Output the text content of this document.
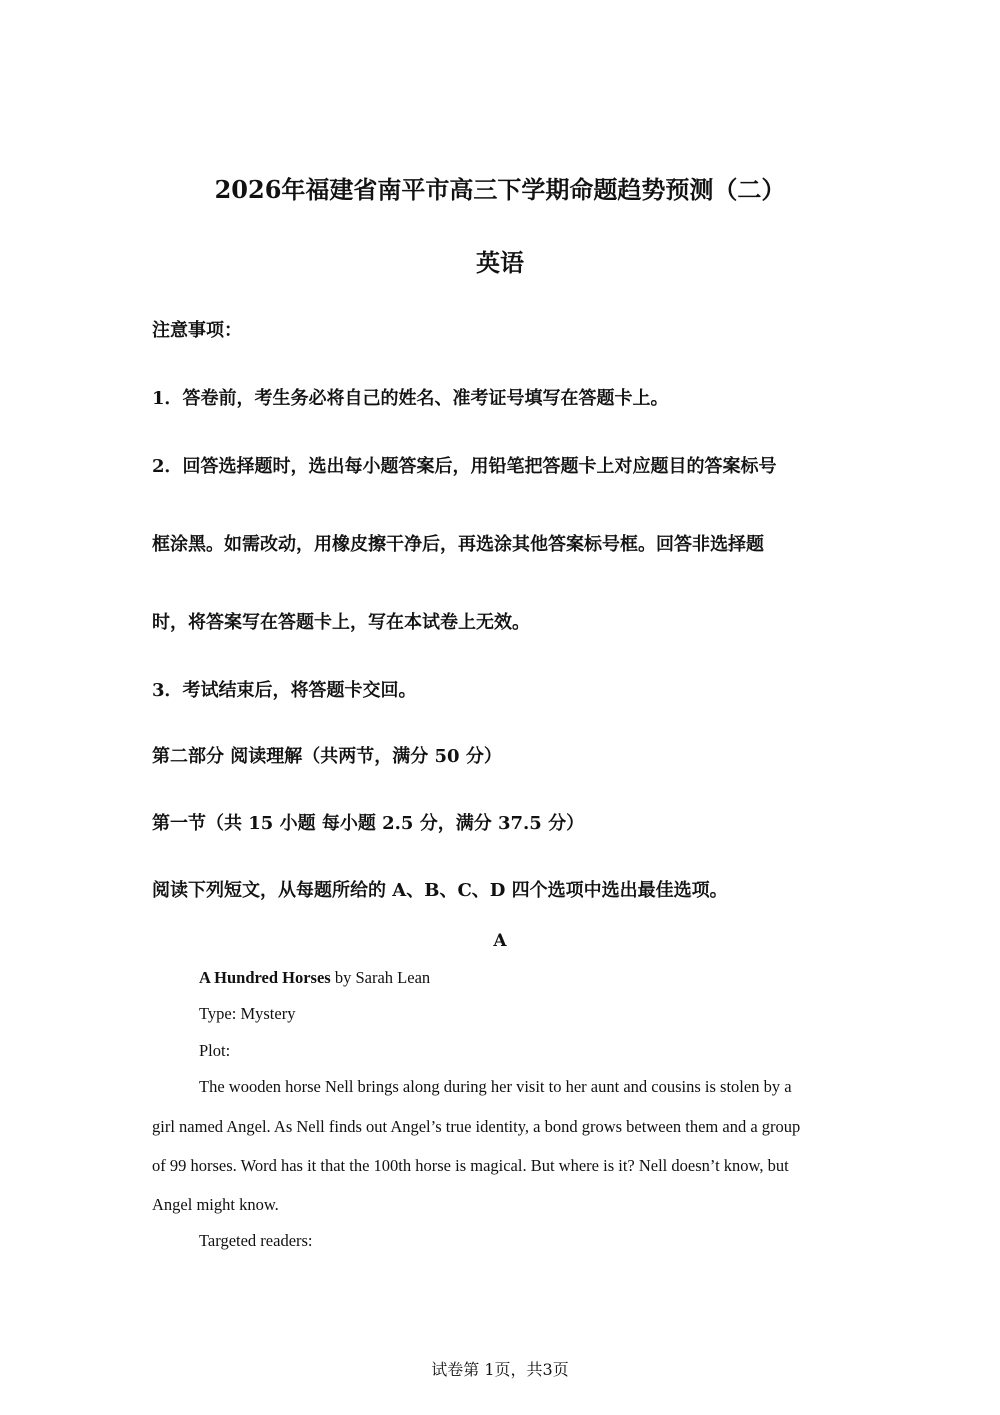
2026年福建省南平市高三下学期命题趋势预测（二）
英语
注意事项：
1．答卷前，考生务必将自己的姓名、准考证号填写在答题卡上。
2．回答选择题时，选出每小题答案后，用铅笔把答题卡上对应题目的答案标号
框涂黑。如需改动，用橡皮擦干净后，再选涂其他答案标号框。回答非选择题
时，将答案写在答题卡上，写在本试卷上无效。
3．考试结束后，将答题卡交回。
第二部分 阅读理解（共两节，满分 50 分）
第一节（共 15 小题 每小题 2.5 分，满分 37.5 分）
阅读下列短文，从每题所给的 A、B、C、D 四个选项中选出最佳选项。
A
A Hundred Horses by Sarah Lean
Type: Mystery
Plot:
The wooden horse Nell brings along during her visit to her aunt and cousins is stolen by a
girl named Angel. As Nell finds out Angel’s true identity, a bond grows between them and a group
of 99 horses. Word has it that the 100th horse is magical. But where is it? Nell doesn’t know, but
Angel might know.
Targeted readers:
试卷第 1页，共3页
